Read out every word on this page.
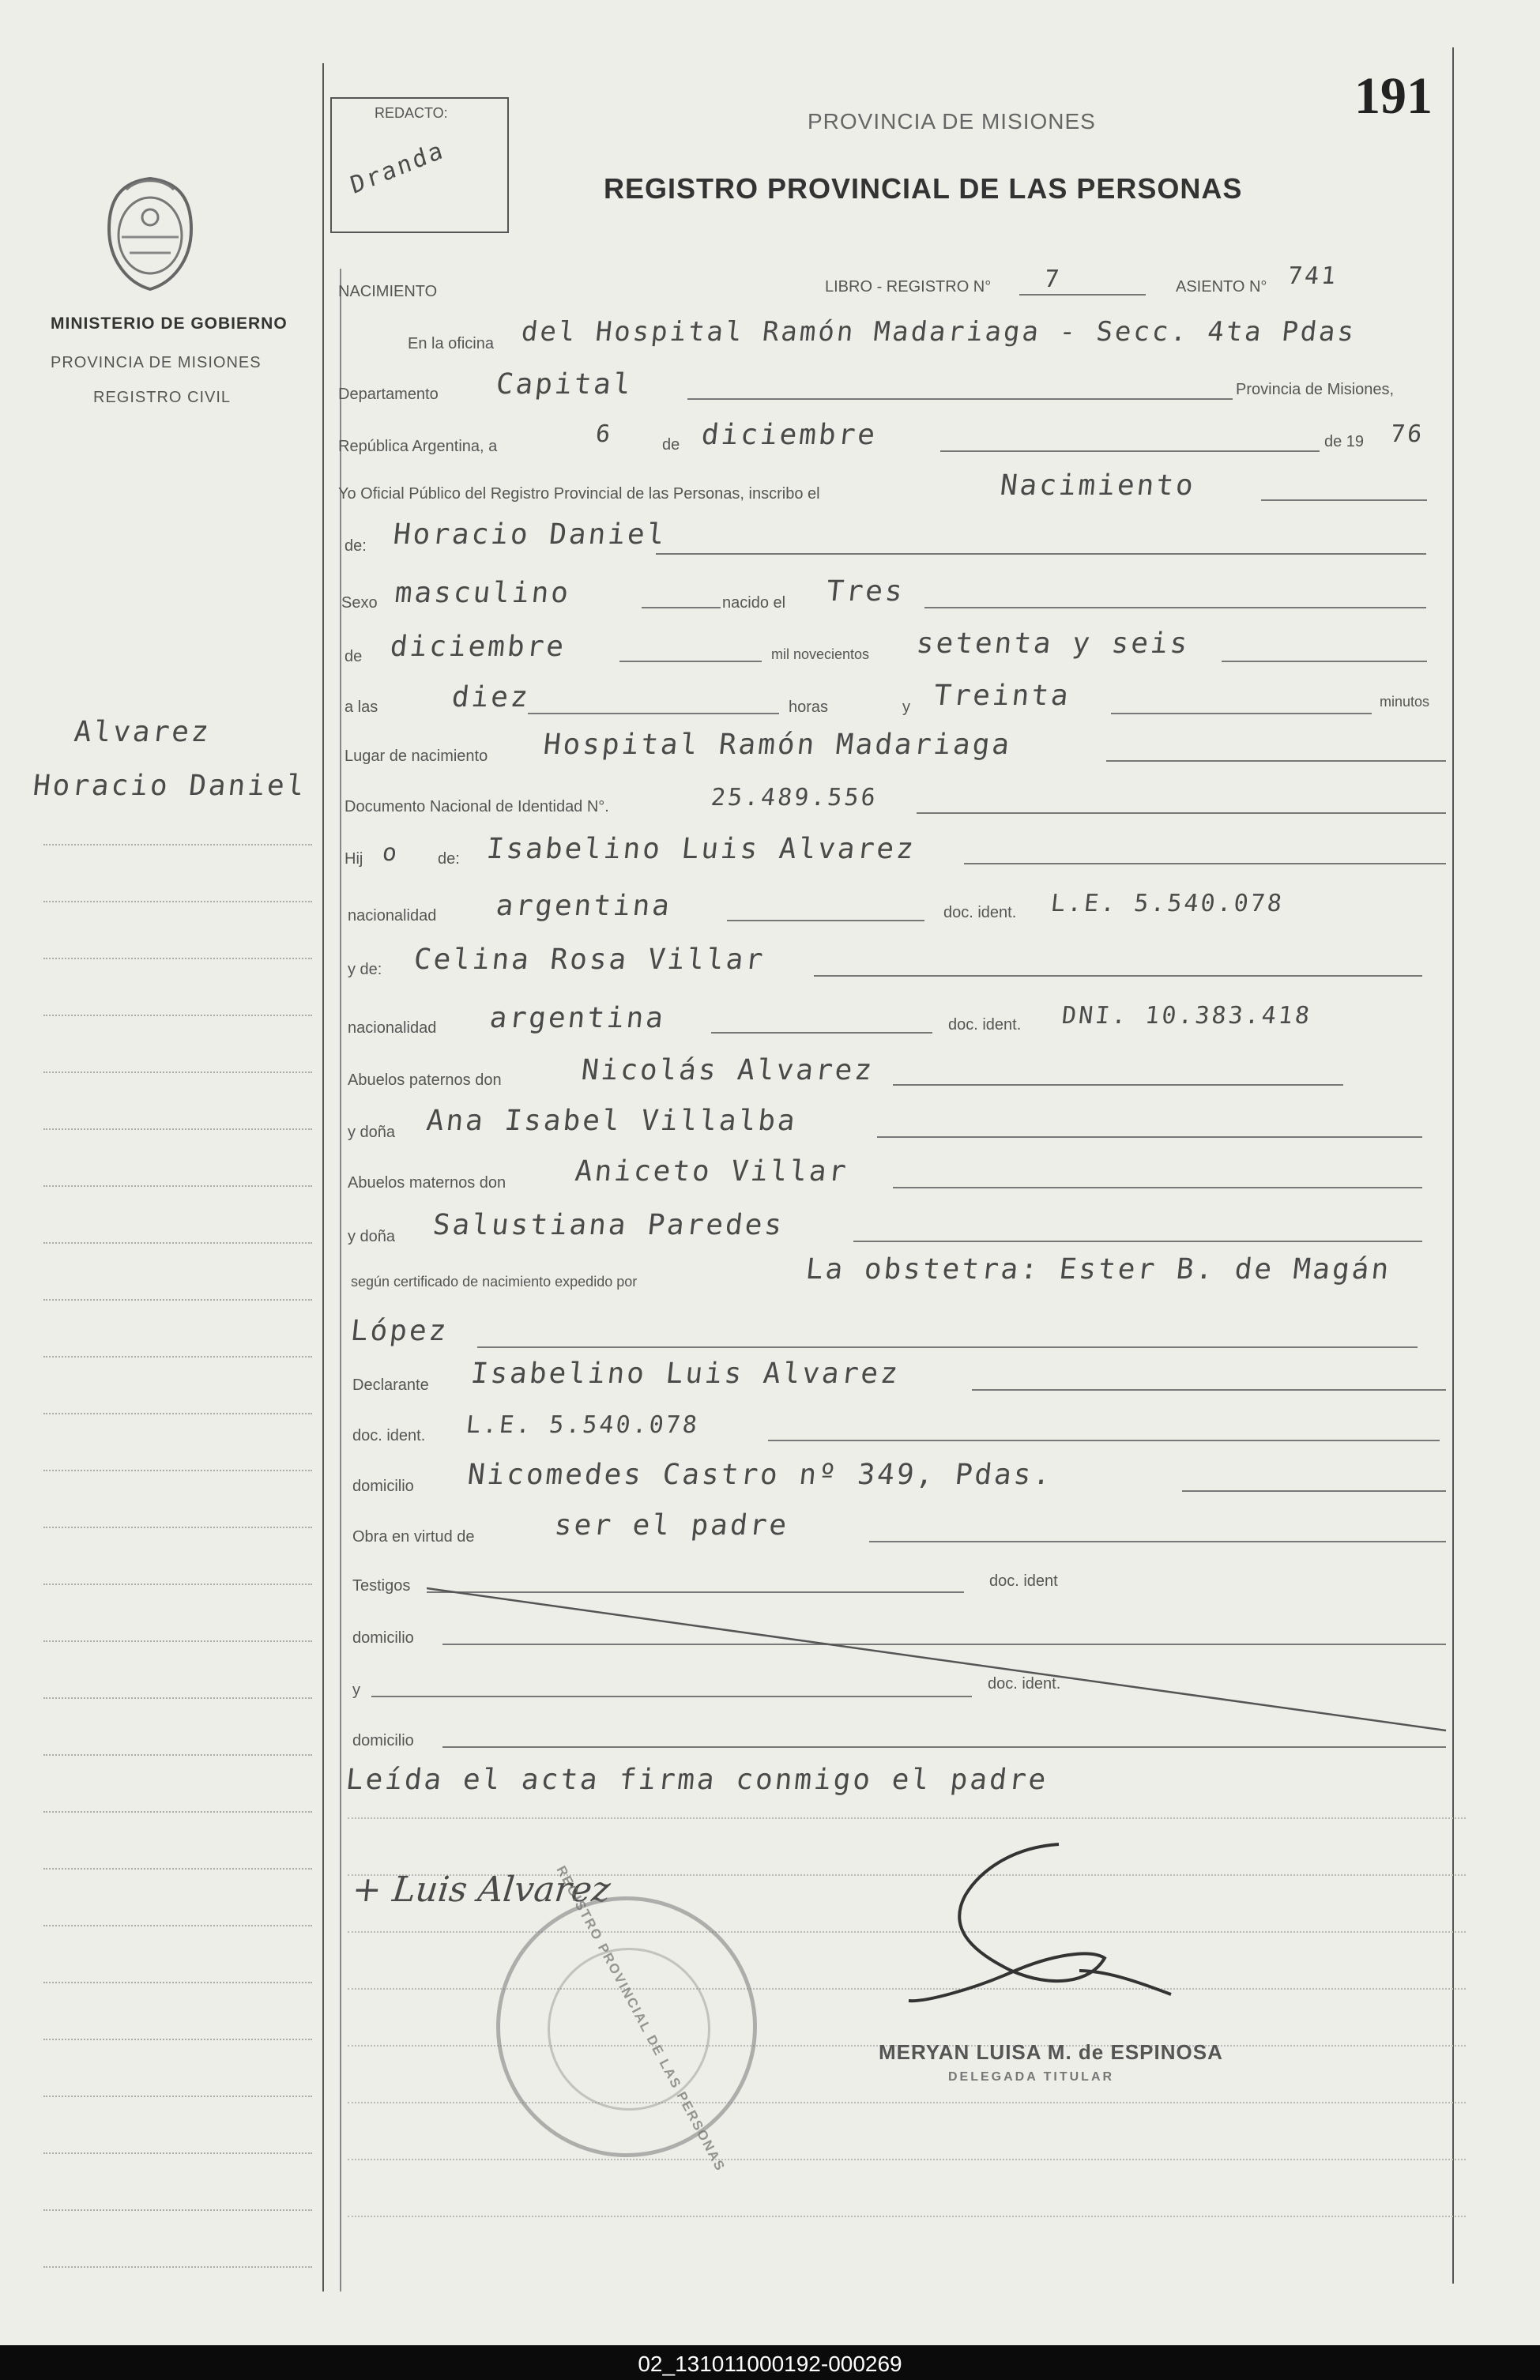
191
REDACTO:
Dranda
PROVINCIA DE MISIONES
REGISTRO PROVINCIAL DE LAS PERSONAS
MINISTERIO DE GOBIERNO
PROVINCIA DE MISIONES
REGISTRO CIVIL
Alvarez
Horacio Daniel
NACIMIENTO	LIBRO - REGISTRO N° 7	ASIENTO N° 741
En la oficina del Hospital Ramón Madariaga - Secc. 4ta Pdas
Departamento Capital	Provincia de Misiones,
República Argentina, a	6	de diciembre	de 19 76
Yo Oficial Público del Registro Provincial de las Personas, inscribo el	Nacimiento
de: Horacio Daniel
Sexo masculino	nacido el Tres
de diciembre	mil novecientos setenta y seis
a las	diez	horas	y Treinta	minutos
Lugar de nacimiento Hospital Ramón Madariaga
Documento Nacional de Identidad N°.	25.489.556
Hij o de: Isabelino Luis Alvarez
nacionalidad argentina	doc. ident. L.E. 5.540.078
y de: Celina Rosa Villar
nacionalidad argentina	doc. ident. DNI. 10.383.418
Abuelos paternos don	Nicolás Alvarez
y doña Ana Isabel Villalba
Abuelos maternos don Aniceto Villar
y doña Salustiana Paredes
según certificado de nacimiento expedido por	La obstetra: Ester B. de Magán
López
Declarante Isabelino Luis Alvarez
doc. ident. L.E. 5.540.078
domicilio Nicomedes Castro nº 349, Pdas.
Obra en virtud de	ser el padre
Testigos	doc. ident
domicilio
y	doc. ident.
domicilio
Leída el acta firma conmigo el padre
+ Luis Alvarez
REGISTRO PROVINCIAL DE LAS PERSONAS	MERYAN LUISA M. de ESPINOSA
DELEGADA TITULAR
02_131011000192-000269
